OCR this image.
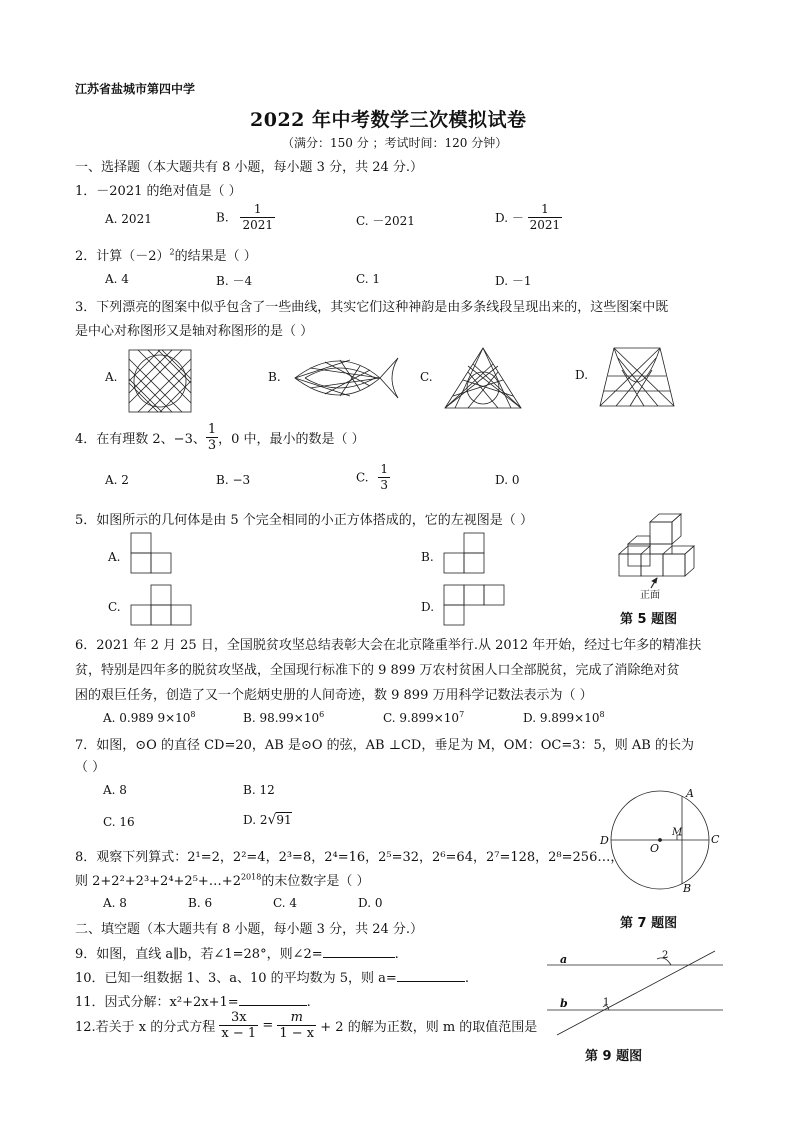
江苏省盐城市第四中学
2022 年中考数学三次模拟试卷
（满分：150 分 ；考试时间：120 分钟）
一、选择题（本大题共有 8 小题，每小题 3 分，共 24 分.）
1．－2021 的绝对值是（ ）
A. 2021	B. $\frac{1}{2021}$	C. －2021	D. － $\frac{1}{2021}$
2．计算$(-2)^2$的结果是（ ）
A. 4	B. －4	C. 1	D. －1
3．下列漂亮的图案中似乎包含了一些曲线，其实它们这种神韵是由多条线段呈现出来的，这些图案中既
是中心对称图形又是轴对称图形的是（ ）
A.	B.	C.	D.
4．在有理数 2、−3、 $\frac{1}{3}$ ，0 中，最小的数是（ ）
A. 2	B. −3	C. $\frac{1}{3}$	D. 0
5．如图所示的几何体是由 5 个完全相同的小正方体搭成的，它的左视图是（ ）
A.	B.
C.	D.
正面
第 5 题图
6．2021 年 2 月 25 日，全国脱贫攻坚总结表彰大会在北京隆重举行.从 2012 年开始，经过七年多的精准扶
贫，特别是四年多的脱贫攻坚战，全国现行标准下的 9 899 万农村贫困人口全部脱贫，完成了消除绝对贫
困的艰巨任务，创造了又一个彪炳史册的人间奇迹，数 9 899 万用科学记数法表示为（ ）
A. 0.989 $9\times 10^8$	B. $98.99\times 10^6$	C. $9.899\times 10^7$	D. $9.899\times 10^8$
7．如图，⊙O 的直径 CD=20，AB 是⊙O 的弦，AB ⊥CD，垂足为 M，OM：OC=3：5，则 AB 的长为
（ ）
A. 8	B. 12
C. 16	D. 2√91
A
B
C
D
O
M
第 7 题图
8．观察下列算式：2¹=2，2²=4，2³=8，2⁴=16，2⁵=32，2⁶=64，2⁷=128，2⁸=256…，
则 $2+2^2+2^3+2^4+2^5+\dots+2^{2018}$的末位数字是（ ）
A. 8	B. 6	C. 4	D. 0
二、填空题（本大题共有 8 小题，每小题 3 分，共 24 分.）
9．如图，直线 a∥b，若∠1=28°，则∠2=	.	a
b	1
2
第 9 题图
10．已知一组数据 1、3、a、10 的平均数为 5，则 a=	.
11．因式分解：x²+2x+1=	.
12.若关于 x 的分式方程 $\frac{3x}{x - 1} = \frac{m}{1 - x} + 2$ 的解为正数，则 m 的取值范围是
